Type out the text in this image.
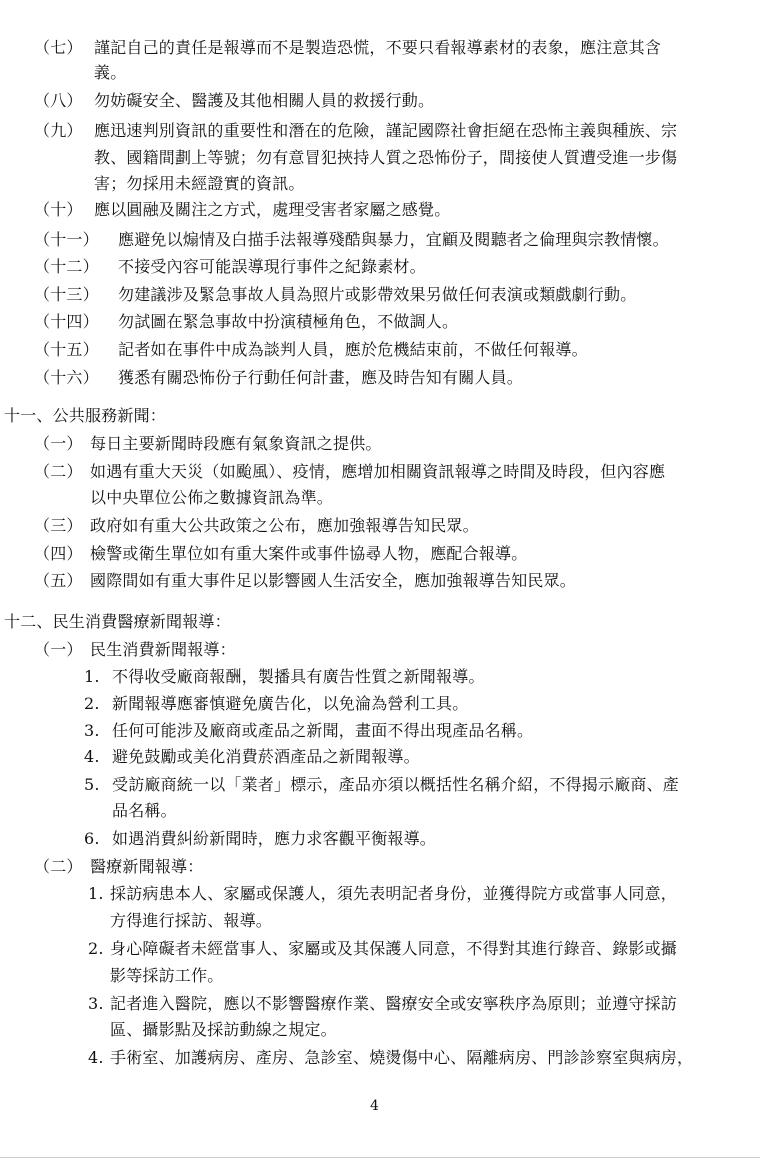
（七） 謹記自己的責任是報導而不是製造恐慌，不要只看報導素材的表象，應注意其含
義。
（八） 勿妨礙安全、醫護及其他相關人員的救援行動。
（九） 應迅速判別資訊的重要性和潛在的危險，謹記國際社會拒絕在恐怖主義與種族、宗
教、國籍間劃上等號；勿有意冒犯挾持人質之恐怖份子，間接使人質遭受進一步傷
害；勿採用未經證實的資訊。
（十） 應以圓融及關注之方式，處理受害者家屬之感覺。
（十一） 應避免以煽情及白描手法報導殘酷與暴力，宜顧及閱聽者之倫理與宗教情懷。
（十二） 不接受內容可能誤導現行事件之紀錄素材。
（十三） 勿建議涉及緊急事故人員為照片或影帶效果另做任何表演或類戲劇行動。
（十四） 勿試圖在緊急事故中扮演積極角色，不做調人。
（十五） 記者如在事件中成為談判人員，應於危機結束前，不做任何報導。
（十六） 獲悉有關恐怖份子行動任何計畫，應及時告知有關人員。
十一、公共服務新聞：
（一） 每日主要新聞時段應有氣象資訊之提供。
（二） 如遇有重大天災（如颱風）、疫情，應增加相關資訊報導之時間及時段，但內容應
以中央單位公佈之數據資訊為準。
（三） 政府如有重大公共政策之公布，應加強報導告知民眾。
（四） 檢警或衛生單位如有重大案件或事件協尋人物，應配合報導。
（五） 國際間如有重大事件足以影響國人生活安全，應加強報導告知民眾。
十二、民生消費醫療新聞報導：
（一） 民生消費新聞報導：
1. 不得收受廠商報酬，製播具有廣告性質之新聞報導。
2. 新聞報導應審慎避免廣告化，以免淪為營利工具。
3. 任何可能涉及廠商或產品之新聞，畫面不得出現產品名稱。
4. 避免鼓勵或美化消費菸酒產品之新聞報導。
5. 受訪廠商統一以「業者」標示，產品亦須以概括性名稱介紹，不得揭示廠商、產
品名稱。
6. 如遇消費糾紛新聞時，應力求客觀平衡報導。
（二） 醫療新聞報導：
1. 採訪病患本人、家屬或保護人，須先表明記者身份，並獲得院方或當事人同意，
方得進行採訪、報導。
2. 身心障礙者未經當事人、家屬或及其保護人同意，不得對其進行錄音、錄影或攝
影等採訪工作。
3. 記者進入醫院，應以不影響醫療作業、醫療安全或安寧秩序為原則；並遵守採訪
區、攝影點及採訪動線之規定。
4. 手術室、加護病房、產房、急診室、燒燙傷中心、隔離病房、門診診察室與病房，
4
